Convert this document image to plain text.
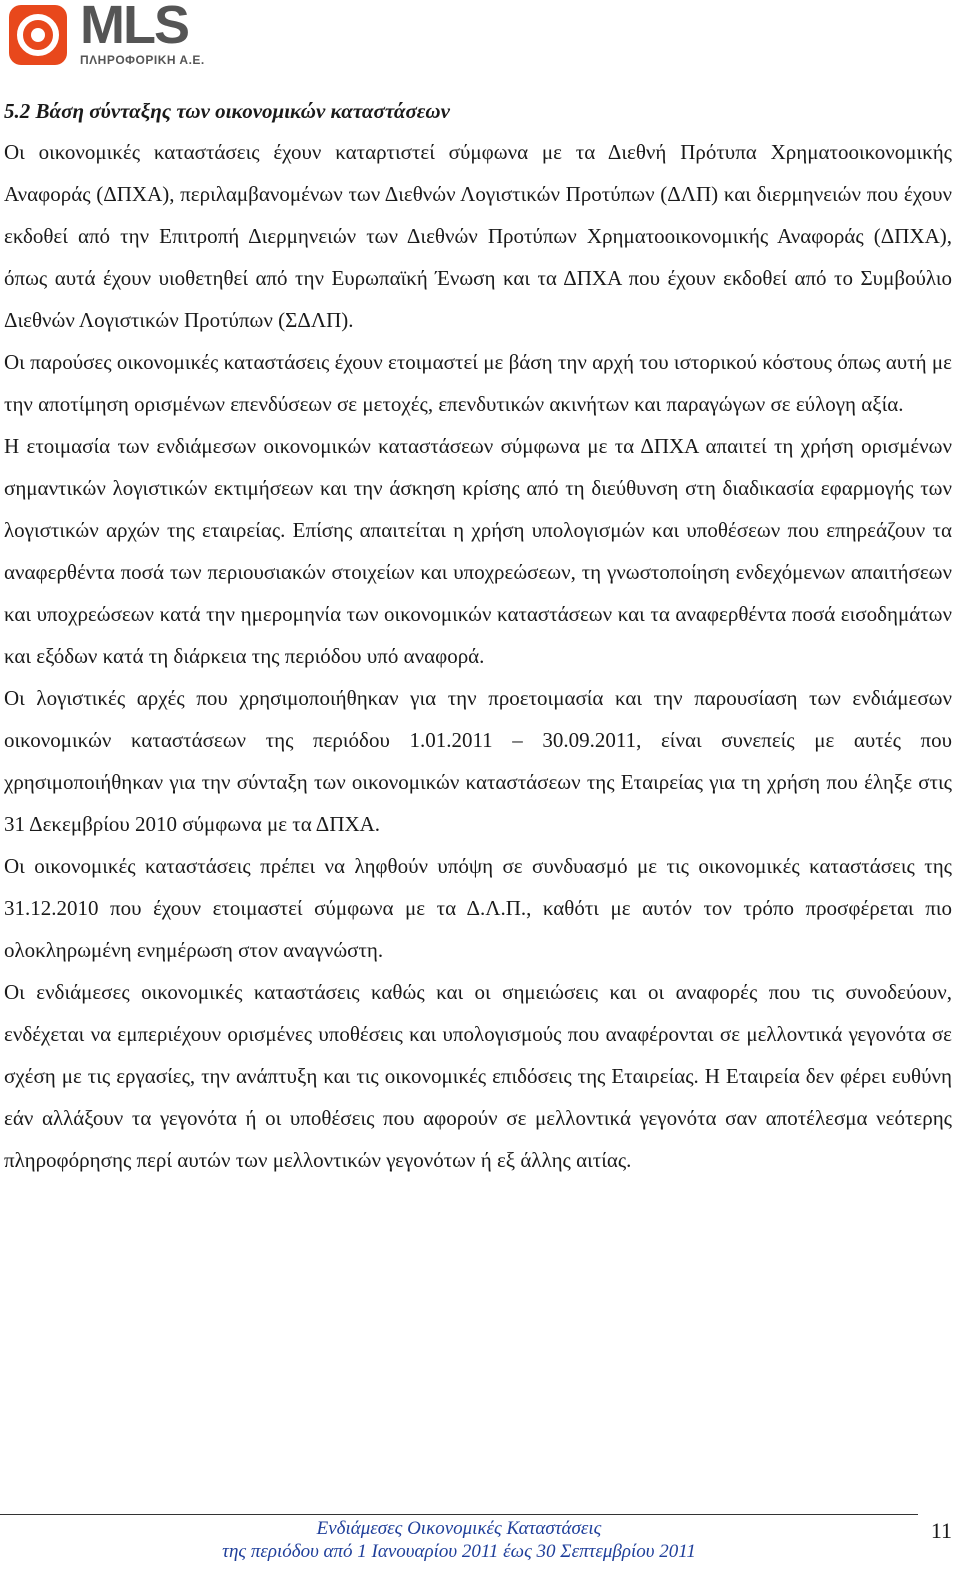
MLS
ΠΛΗΡΟΦΟΡΙΚΗ Α.Ε.
5.2 Βάση σύνταξης των οικονομικών καταστάσεων

Οι οικονομικές καταστάσεις έχουν καταρτιστεί σύμφωνα με τα Διεθνή Πρότυπα Χρηματοοικονομικής Αναφοράς (ΔΠΧΑ), περιλαμβανομένων των Διεθνών Λογιστικών Προτύπων (ΔΛΠ) και διερμηνειών που έχουν εκδοθεί από την Επιτροπή Διερμηνειών των Διεθνών Προτύπων Χρηματοοικονομικής Αναφοράς (ΔΠΧΑ), όπως αυτά έχουν υιοθετηθεί από την Ευρωπαϊκή Ένωση και τα ΔΠΧΑ που έχουν εκδοθεί από το Συμβούλιο Διεθνών Λογιστικών Προτύπων (ΣΔΛΠ).

Οι παρούσες οικονομικές καταστάσεις έχουν ετοιμαστεί με βάση την αρχή του ιστορικού κόστους όπως αυτή με την αποτίμηση ορισμένων επενδύσεων σε μετοχές, επενδυτικών ακινήτων και παραγώγων σε εύλογη αξία.

Η ετοιμασία των ενδιάμεσων οικονομικών καταστάσεων σύμφωνα με τα ΔΠΧΑ απαιτεί τη χρήση ορισμένων σημαντικών λογιστικών εκτιμήσεων και την άσκηση κρίσης από τη διεύθυνση στη διαδικασία εφαρμογής των λογιστικών αρχών της εταιρείας. Επίσης απαιτείται η χρήση υπολογισμών και υποθέσεων που επηρεάζουν τα αναφερθέντα ποσά των περιουσιακών στοιχείων και υποχρεώσεων, τη γνωστοποίηση ενδεχόμενων απαιτήσεων και υποχρεώσεων κατά την ημερομηνία των οικονομικών καταστάσεων και τα αναφερθέντα ποσά εισοδημάτων και εξόδων κατά τη διάρκεια της περιόδου υπό αναφορά.

Οι λογιστικές αρχές που χρησιμοποιήθηκαν για την προετοιμασία και την παρουσίαση των ενδιάμεσων οικονομικών καταστάσεων της περιόδου 1.01.2011 – 30.09.2011, είναι συνεπείς με αυτές που χρησιμοποιήθηκαν για την σύνταξη των οικονομικών καταστάσεων της Εταιρείας για τη χρήση που έληξε στις 31 Δεκεμβρίου 2010 σύμφωνα με τα ΔΠΧΑ.

Οι οικονομικές καταστάσεις πρέπει να ληφθούν υπόψη σε συνδυασμό με τις οικονομικές καταστάσεις της 31.12.2010 που έχουν ετοιμαστεί σύμφωνα με τα Δ.Λ.Π., καθότι με αυτόν τον τρόπο προσφέρεται πιο ολοκληρωμένη ενημέρωση στον αναγνώστη.

Οι ενδιάμεσες οικονομικές καταστάσεις καθώς και οι σημειώσεις και οι αναφορές που τις συνοδεύουν, ενδέχεται να εμπεριέχουν ορισμένες υποθέσεις και υπολογισμούς που αναφέρονται σε μελλοντικά γεγονότα σε σχέση με τις εργασίες, την ανάπτυξη και τις οικονομικές επιδόσεις της Εταιρείας. Η Εταιρεία δεν φέρει ευθύνη εάν αλλάξουν τα γεγονότα ή οι υποθέσεις που αφορούν σε μελλοντικά γεγονότα σαν αποτέλεσμα νεότερης πληροφόρησης περί αυτών των μελλοντικών γεγονότων ή εξ άλλης αιτίας.

Ενδιάμεσες Οικονομικές Καταστάσεις
της περιόδου από 1 Ιανουαρίου 2011 έως 30 Σεπτεμβρίου 2011
11
